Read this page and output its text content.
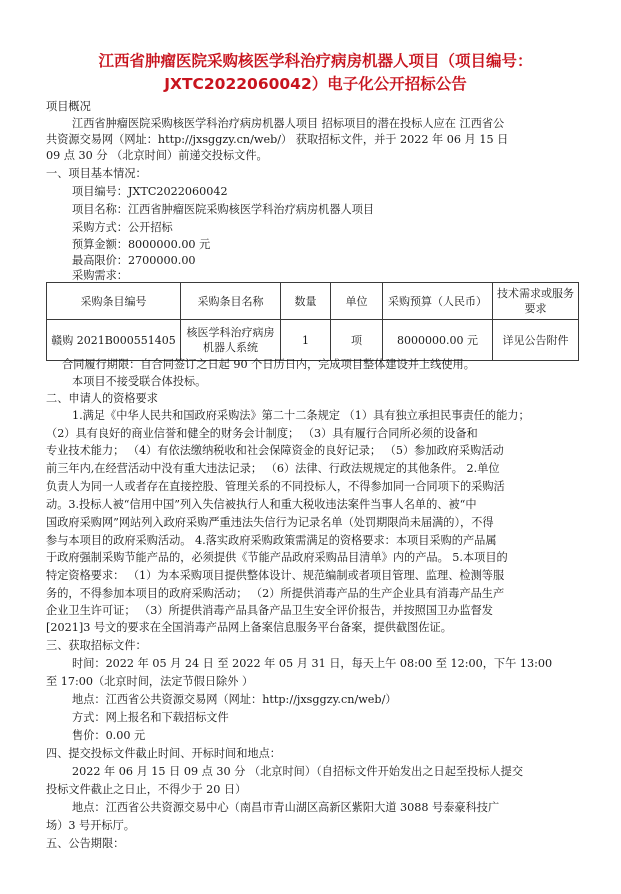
江西省肿瘤医院采购核医学科治疗病房机器人项目（项目编号：
JXTC2022060042）电子化公开招标公告
项目概况
江西省肿瘤医院采购核医学科治疗病房机器人项目 招标项目的潜在投标人应在 江西省公
共资源交易网（网址：http://jxsggzy.cn/web/） 获取招标文件，并于 2022 年 06 月 15 日
09 点 30 分 （北京时间）前递交投标文件。
一、项目基本情况：
项目编号：JXTC2022060042
项目名称：江西省肿瘤医院采购核医学科治疗病房机器人项目
采购方式：公开招标
预算金额：8000000.00 元
最高限价：2700000.00
采购需求：
采购条目编号	采购条目名称	数量	单位	采购预算（人民币）	技术需求或服务要求
赣购 2021B000551405	核医学科治疗病房机器人系统	1	项	8000000.00 元	详见公告附件
合同履行期限：自合同签订之日起 90 个日历日内，完成项目整体建设并上线使用。
本项目不接受联合体投标。
二、申请人的资格要求
1.满足《中华人民共和国政府采购法》第二十二条规定 （1）具有独立承担民事责任的能力；
（2）具有良好的商业信誉和健全的财务会计制度； （3）具有履行合同所必须的设备和
专业技术能力； （4）有依法缴纳税收和社会保障资金的良好记录； （5）参加政府采购活动
前三年内,在经营活动中没有重大违法记录； （6）法律、行政法规规定的其他条件。 2.单位
负责人为同一人或者存在直接控股、管理关系的不同投标人，不得参加同一合同项下的采购活
动。3.投标人被“信用中国”列入失信被执行人和重大税收违法案件当事人名单的、被“中
国政府采购网”网站列入政府采购严重违法失信行为记录名单（处罚期限尚未届满的），不得
参与本项目的政府采购活动。 4.落实政府采购政策需满足的资格要求：本项目采购的产品属
于政府强制采购节能产品的，必须提供《节能产品政府采购品目清单》内的产品。 5.本项目的
特定资格要求： （1）为本采购项目提供整体设计、规范编制或者项目管理、监理、检测等服
务的，不得参加本项目的政府采购活动； （2）所提供消毒产品的生产企业具有消毒产品生产
企业卫生许可证； （3）所提供消毒产品具备产品卫生安全评价报告，并按照国卫办监督发
[2021]3 号文的要求在全国消毒产品网上备案信息服务平台备案，提供截图佐证。
三、获取招标文件：
时间：2022 年 05 月 24 日 至 2022 年 05 月 31 日，每天上午 08:00 至 12:00，下午 13:00
至 17:00（北京时间，法定节假日除外 ）
地点：江西省公共资源交易网（网址：http://jxsggzy.cn/web/）
方式：网上报名和下载招标文件
售价：0.00 元
四、提交投标文件截止时间、开标时间和地点：
2022 年 06 月 15 日 09 点 30 分 （北京时间）（自招标文件开始发出之日起至投标人提交
投标文件截止之日止，不得少于 20 日）
地点：江西省公共资源交易中心（南昌市青山湖区高新区紫阳大道 3088 号泰豪科技广
场）3 号开标厅。
五、公告期限：
